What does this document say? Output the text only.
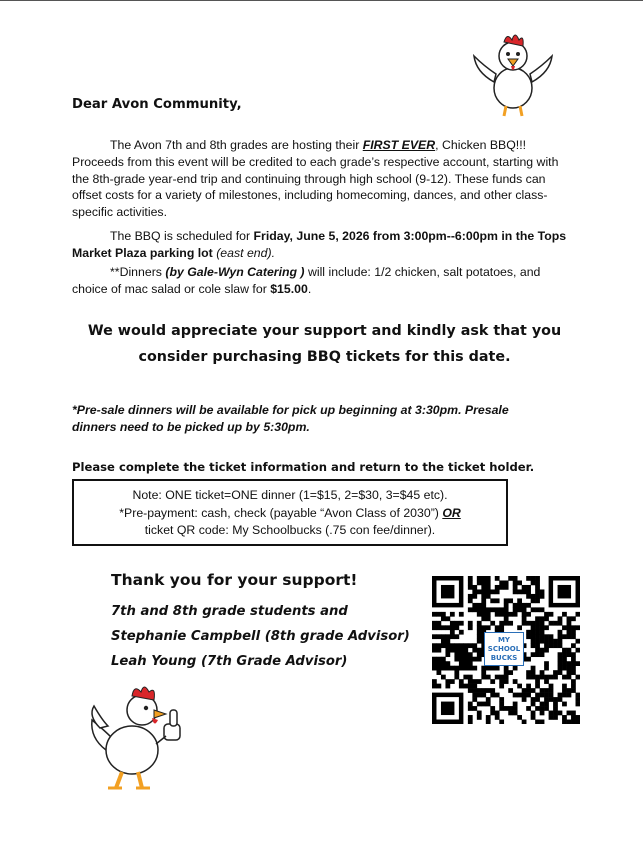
Dear Avon Community,

The Avon 7th and 8th grades are hosting their FIRST EVER, Chicken BBQ!!! Proceeds from this event will be credited to each grade’s respective account, starting with the 8th-grade year-end trip and continuing through high school (9-12). These funds can offset costs for a variety of milestones, including homecoming, dances, and other class-specific activities.

The BBQ is scheduled for Friday, June 5, 2026 from 3:00pm--6:00pm in the Tops Market Plaza parking lot (east end).

**Dinners (by Gale-Wyn Catering ) will include: 1/2 chicken, salt potatoes, and choice of mac salad or cole slaw for $15.00.

We would appreciate your support and kindly ask that you
consider purchasing BBQ tickets for this date.
*Pre-sale dinners will be available for pick up beginning at 3:30pm. Presale
dinners need to be picked up by 5:30pm.
Please complete the ticket information and return to the ticket holder.
Note: ONE ticket=ONE dinner (1=$15, 2=$30, 3=$45 etc).
*Pre-payment: cash, check (payable “Avon Class of 2030”) OR
ticket QR code: My Schoolbucks (.75 con fee/dinner).
Thank you for your support!
7th and 8th grade students and
Stephanie Campbell (8th grade Advisor)
Leah Young (7th Grade Advisor)
MY
SCHOOL
BUCKS
